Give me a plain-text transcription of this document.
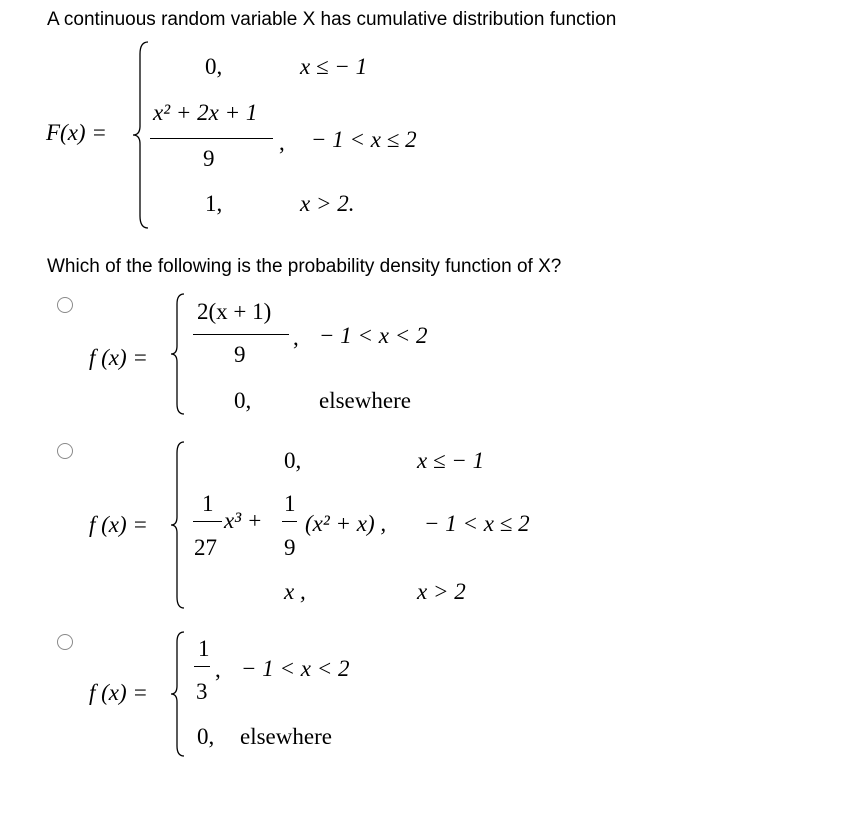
A continuous random variable X has cumulative distribution function
F(x) =
0,	x ≤ − 1
x² + 2x + 1
9
, − 1 < x ≤ 2
1,	x > 2.
Which of the following is the probability density function of X?
f (x) =
2(x + 1)
9
, − 1 < x < 2
0,	elsewhere
f (x) =
0,	x ≤ − 1
1
27
x³ +
1
9
(x² + x) , − 1 < x ≤ 2
x ,	x > 2
f (x) =
1
3
, − 1 < x < 2
0, elsewhere
